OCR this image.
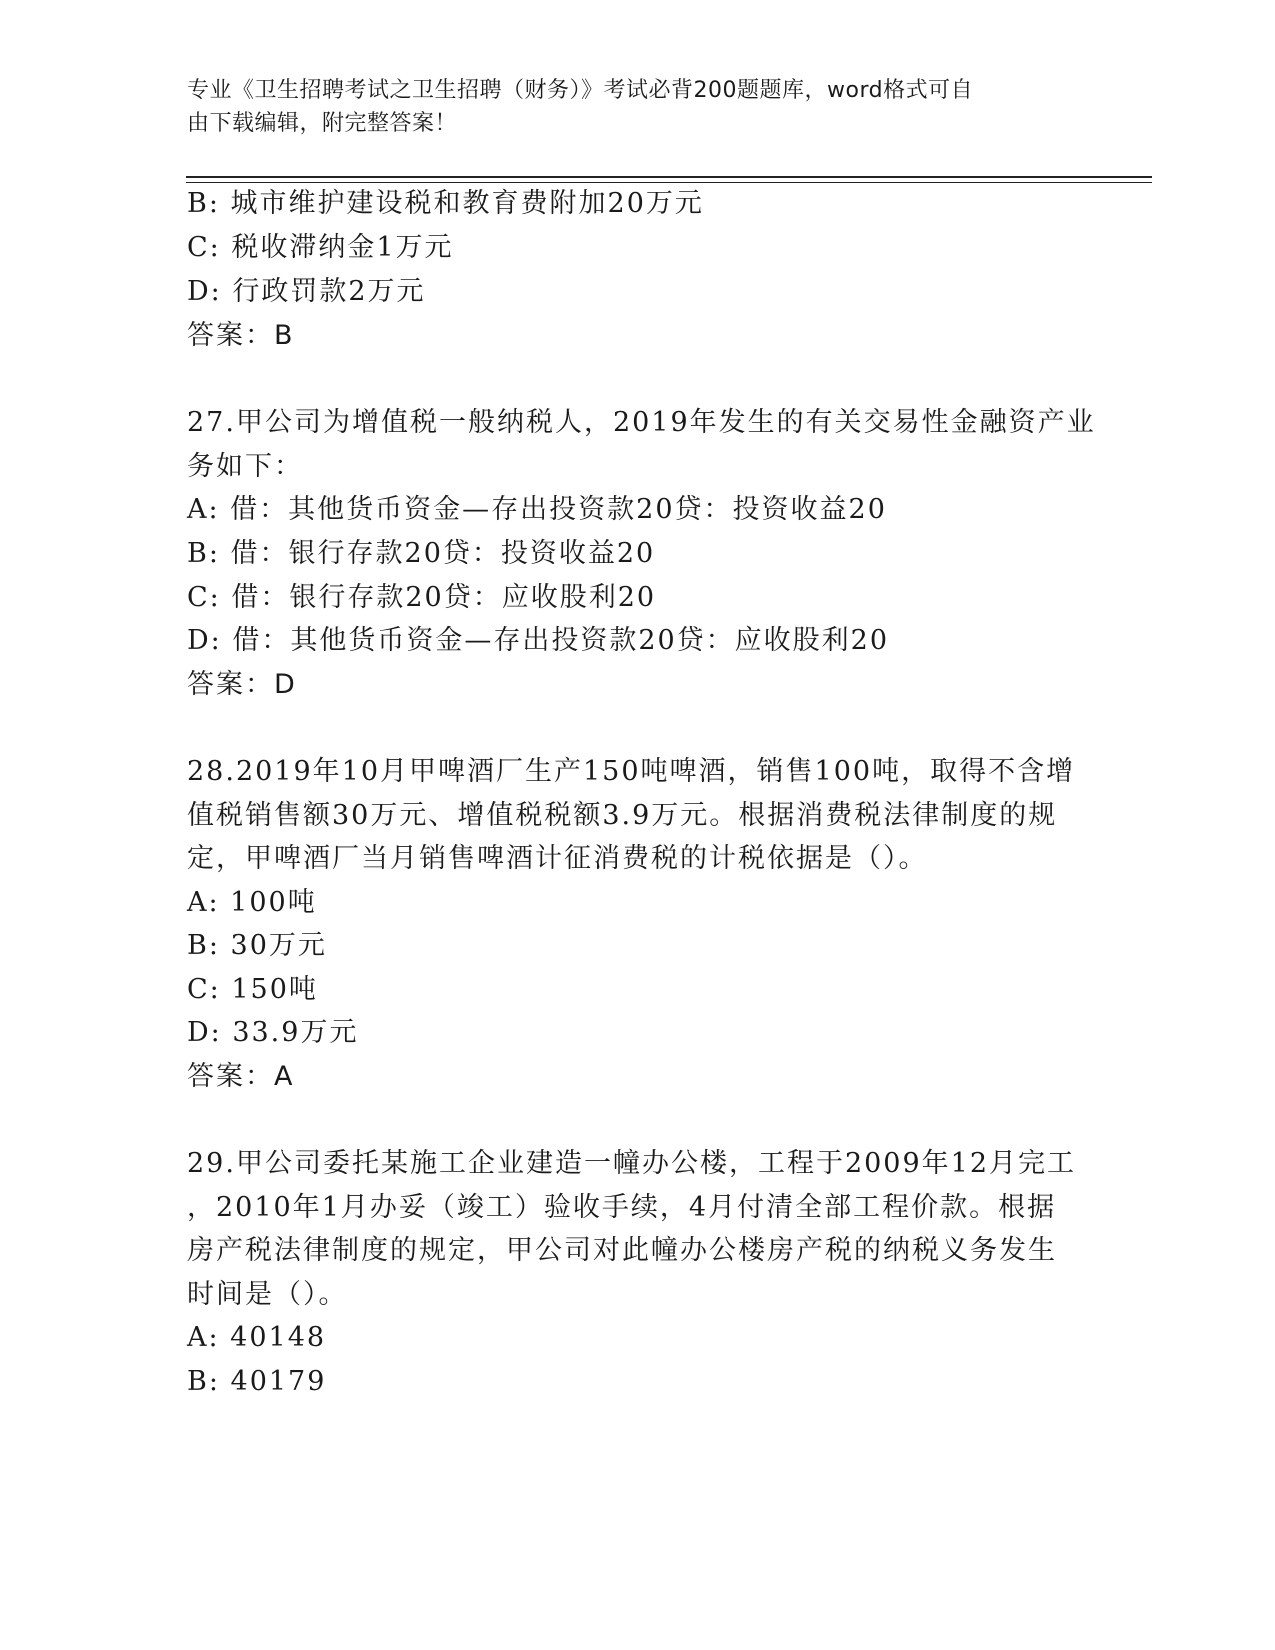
专业《卫生招聘考试之卫生招聘（财务）》考试必背200题题库，word格式可自
由下载编辑，附完整答案！
B: 城市维护建设税和教育费附加20万元
C: 税收滞纳金1万元
D: 行政罚款2万元
答案：B
27.甲公司为增值税一般纳税人，2019年发生的有关交易性金融资产业
务如下：
A: 借：其他货币资金—存出投资款20贷：投资收益20
B: 借：银行存款20贷：投资收益20
C: 借：银行存款20贷：应收股利20
D: 借：其他货币资金—存出投资款20贷：应收股利20
答案：D
28.2019年10月甲啤酒厂生产150吨啤酒，销售100吨，取得不含增
值税销售额30万元、增值税税额3.9万元。根据消费税法律制度的规
定，甲啤酒厂当月销售啤酒计征消费税的计税依据是（）。
A: 100吨
B: 30万元
C: 150吨
D: 33.9万元
答案：A
29.甲公司委托某施工企业建造一幢办公楼，工程于2009年12月完工
，2010年1月办妥（竣工）验收手续，4月付清全部工程价款。根据
房产税法律制度的规定，甲公司对此幢办公楼房产税的纳税义务发生
时间是（）。
A: 40148
B: 40179
